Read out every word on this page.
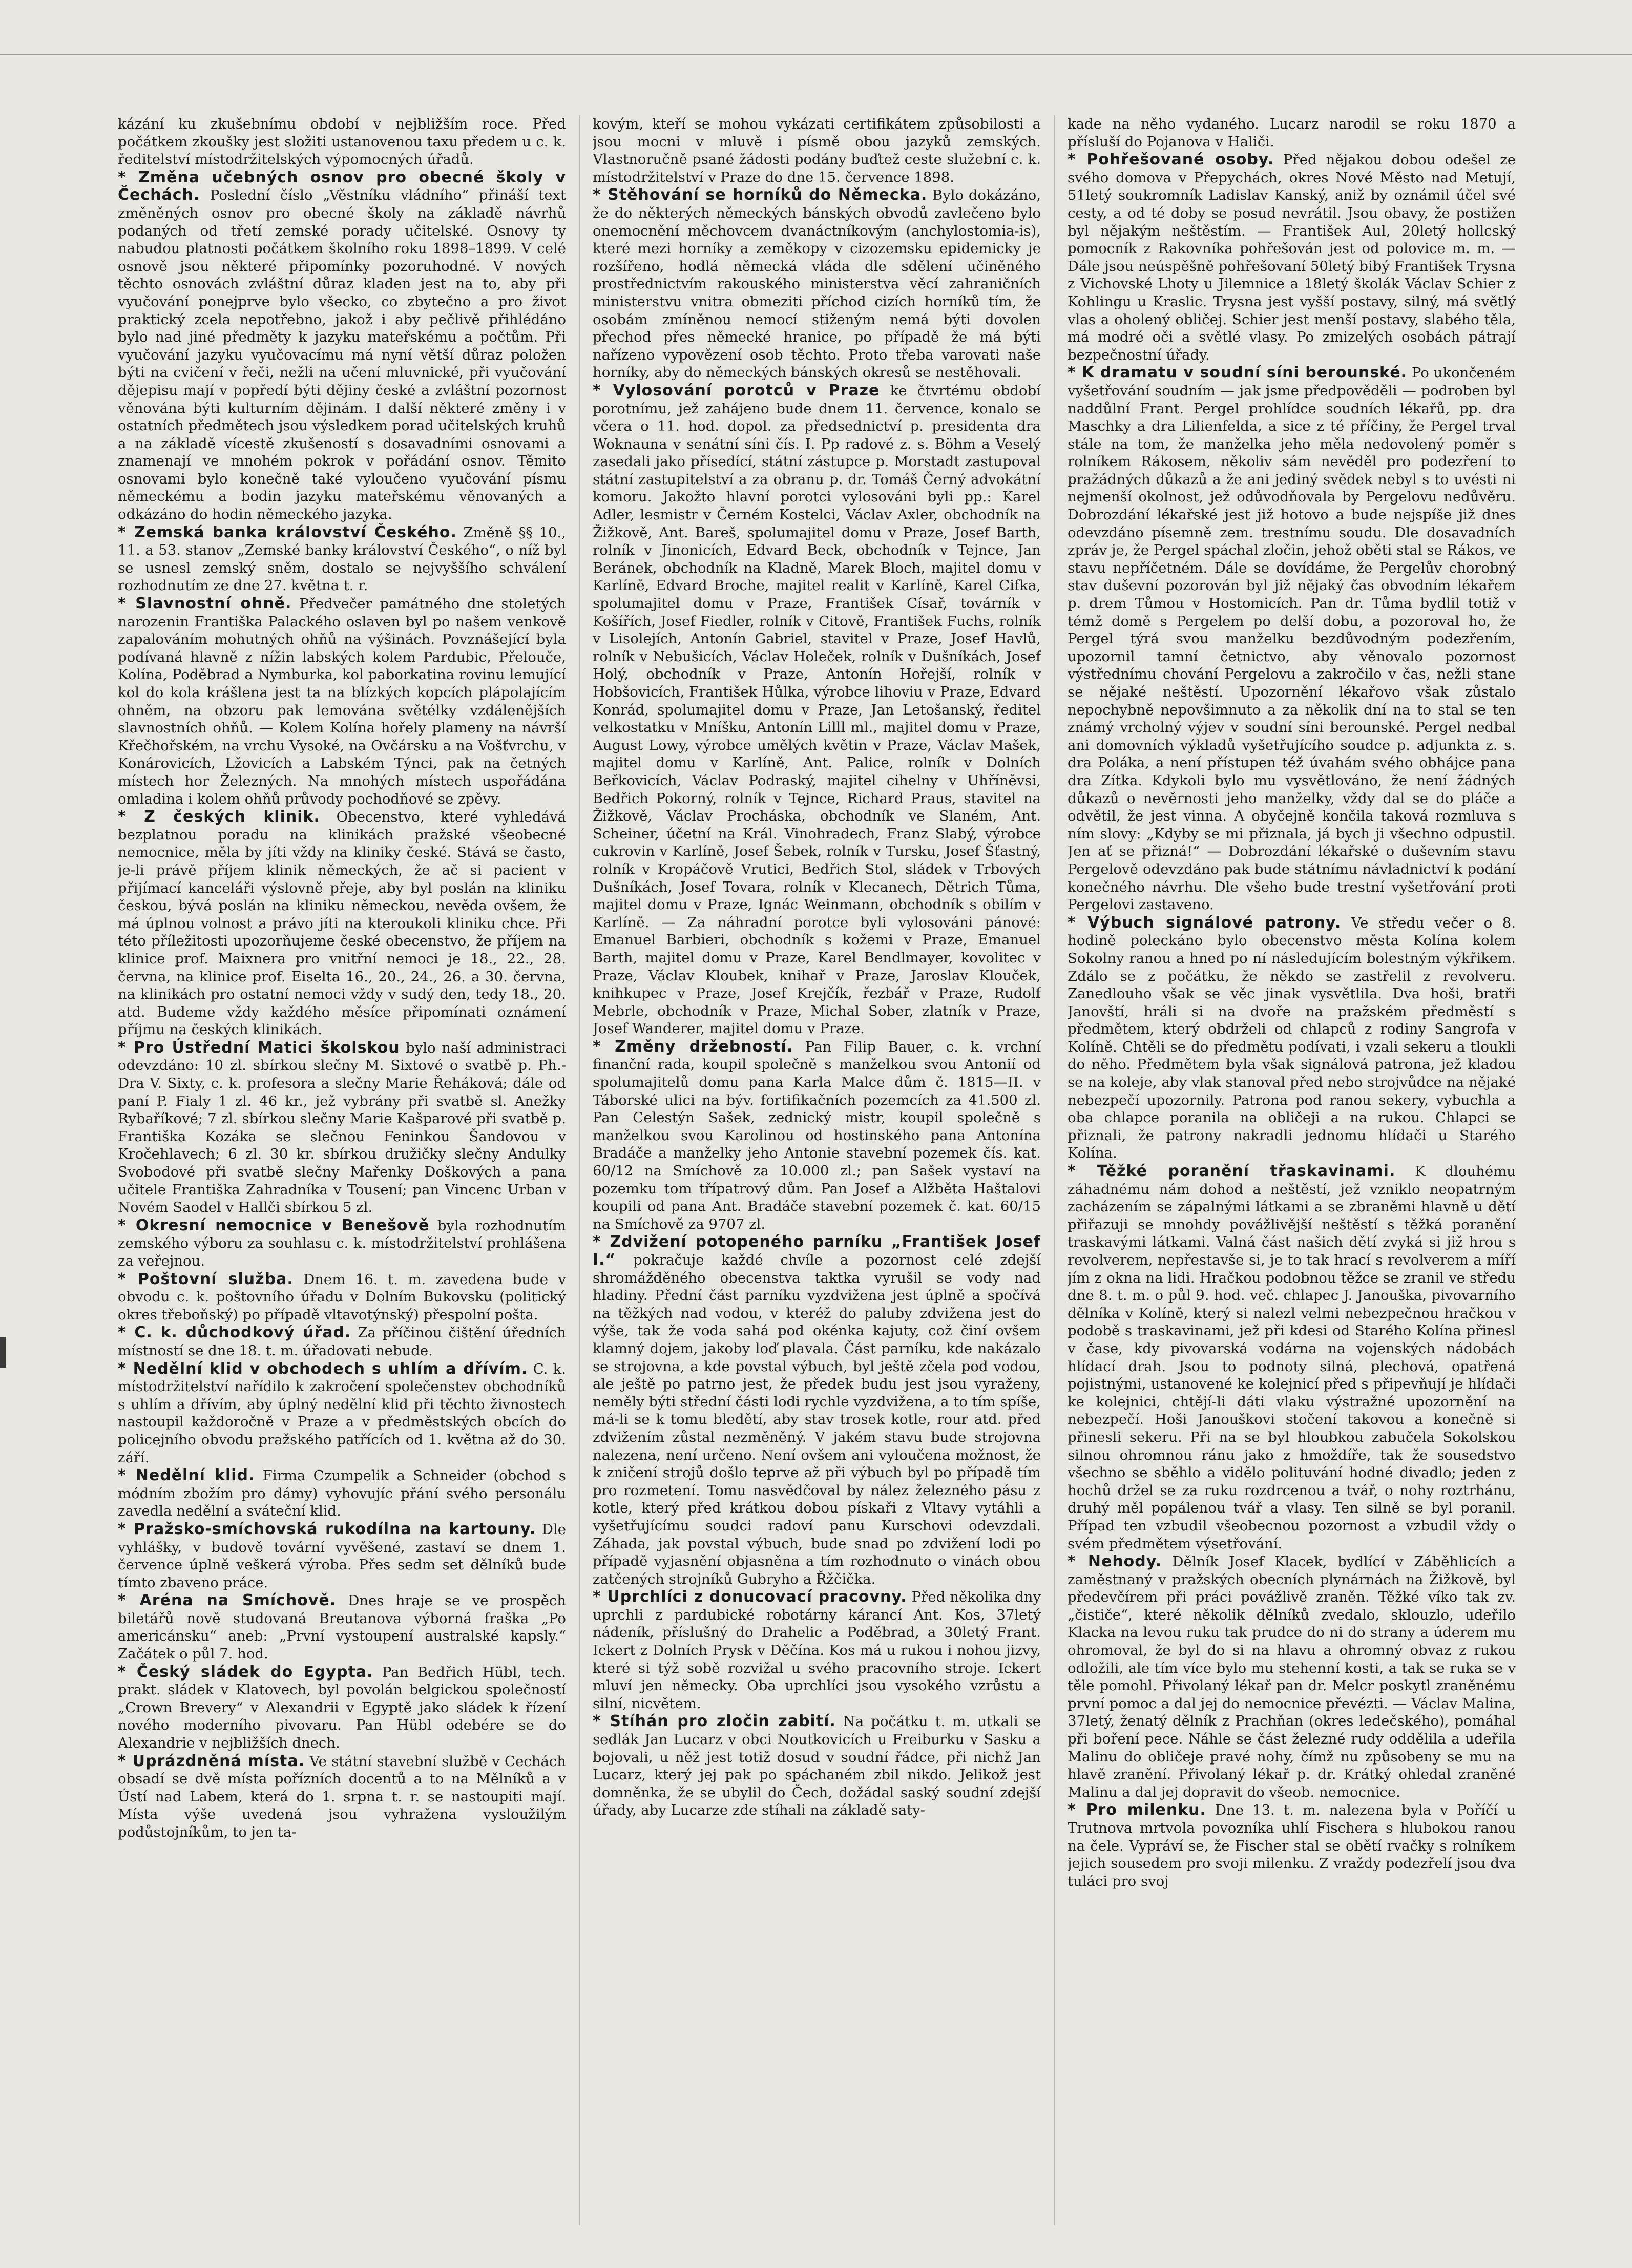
kázání ku zkušebnímu období v nejbližším roce. Před počátkem zkoušky jest složiti ustanovenou taxu předem u c. k. ředitelství místodržitelských výpomocných úřadů.

* Změna učebných osnov pro obecné školy v Čechách. Poslední číslo „Věstníku vládního“ přináší text změněných osnov pro obecné školy na základě návrhů podaných od třetí zemské porady učitelské. Osnovy ty nabudou platnosti počátkem školního roku 1898–1899. V celé osnově jsou některé připomínky pozoruhodné. V nových těchto osnovách zvláštní důraz kladen jest na to, aby při vyučování ponejprve bylo všecko, co zbytečno a pro život praktický zcela nepotřebno, jakož i aby pečlivě přihlédáno bylo nad jiné předměty k jazyku mateřskému a počtům. Při vyučování jazyku vyučovacímu má nyní větší důraz položen býti na cvičení v řeči, nežli na učení mluvnické, při vyučování dějepisu mají v popředí býti dějiny české a zvláštní pozornost věnována býti kulturním dějinám. I další některé změny i v ostatních předmětech jsou výsledkem porad učitelských kruhů a na základě vícestě zkušeností s dosavadními osnovami a znamenají ve mnohém pokrok v pořádání osnov. Těmito osnovami bylo konečně také vyloučeno vyučování písmu německému a bodin jazyku mateřskému věnovaných a odkázáno do hodin německého jazyka.

* Zemská banka království Českého. Změně §§ 10., 11. a 53. stanov „Zemské banky království Českého“, o níž byl se usnesl zemský sněm, dostalo se nejvyššího schválení rozhodnutím ze dne 27. května t. r.

* Slavnostní ohně. Předvečer památného dne stoletých narozenin Františka Palackého oslaven byl po našem venkově zapalováním mohutných ohňů na výšinách. Povznášející byla podívaná hlavně z nížin labských kolem Pardubic, Přelouče, Kolína, Poděbrad a Nymburka, kol paborkatina rovinu lemující kol do kola krášlena jest ta na blízkých kopcích plápolajícím ohněm, na obzoru pak lemována světélky vzdálenějších slavnostních ohňů. — Kolem Kolína hořely plameny na návrší Křečhořském, na vrchu Vysoké, na Ovčársku a na Vošťvrchu, v Konárovicích, Lžovicích a Labském Týnci, pak na četných místech hor Železných. Na mnohých místech uspořádána omladina i kolem ohňů průvody pochodňové se zpěvy.

* Z českých klinik. Obecenstvo, které vyhledává bezplatnou poradu na klinikách pražské všeobecné nemocnice, měla by jíti vždy na kliniky české. Stává se často, je-li právě příjem klinik německých, že ač si pacient v přijímací kanceláři výslovně přeje, aby byl poslán na kliniku českou, bývá poslán na kliniku německou, nevěda ovšem, že má úplnou volnost a právo jíti na kteroukoli kliniku chce. Při této příležitosti upozorňujeme české obecenstvo, že příjem na klinice prof. Maixnera pro vnitřní nemoci je 18., 22., 28. června, na klinice prof. Eiselta 16., 20., 24., 26. a 30. června, na klinikách pro ostatní nemoci vždy v sudý den, tedy 18., 20. atd. Budeme vždy každého měsíce připomínati oznámení příjmu na českých klinikách.

* Pro Ústřední Matici školskou bylo naší administraci odevzdáno: 10 zl. sbírkou slečny M. Sixtové o svatbě p. Ph.-Dra V. Sixty, c. k. profesora a slečny Marie Řeháková; dále od paní P. Fialy 1 zl. 46 kr., jež vybrány při svatbě sl. Anežky Rybaříkové; 7 zl. sbírkou slečny Marie Kašparové při svatbě p. Františka Kozáka se slečnou Feninkou Šandovou v Kročehlavech; 6 zl. 30 kr. sbírkou družičky slečny Andulky Svobodové při svatbě slečny Mařenky Doškových a pana učitele Františka Zahradníka v Tousení; pan Vincenc Urban v Novém Saodel v Hallči sbírkou 5 zl.

* Okresní nemocnice v Benešově byla rozhodnutím zemského výboru za souhlasu c. k. místodržitelství prohlášena za veřejnou.

* Poštovní služba. Dnem 16. t. m. zavedena bude v obvodu c. k. poštovního úřadu v Dolním Bukovsku (politický okres třeboňský) po případě vltavotýnský) přespolní pošta.

* C. k. důchodkový úřad. Za příčinou čištění úředních místností se dne 18. t. m. úřadovati nebude.

* Nedělní klid v obchodech s uhlím a dřívím. C. k. místodržitelství nařídilo k zakročení společenstev obchodníků s uhlím a dřívím, aby úplný nedělní klid při těchto živnostech nastoupil každoročně v Praze a v předměstských obcích do policejního obvodu pražského patřících od 1. května až do 30. září.

* Nedělní klid. Firma Czumpelik a Schneider (obchod s módním zbožím pro dámy) vyhovujíc přání svého personálu zavedla nedělní a sváteční klid.

* Pražsko-smíchovská rukodílna na kartouny. Dle vyhlášky, v budově tovární vyvěšené, zastaví se dnem 1. července úplně veškerá výroba. Přes sedm set dělníků bude tímto zbaveno práce.

* Aréna na Smíchově. Dnes hraje se ve prospěch biletářů nově studovaná Breutanova výborná fraška „Po americánsku“ aneb: „První vystoupení australské kapsly.“ Začátek o půl 7. hod.

* Český sládek do Egypta. Pan Bedřich Hübl, tech. prakt. sládek v Klatovech, byl povolán belgickou společností „Crown Brevery“ v Alexandrii v Egyptě jako sládek k řízení nového moderního pivovaru. Pan Hübl odebére se do Alexandrie v nejbližších dnech.

* Uprázdněná místa. Ve státní stavební službě v Cechách obsadí se dvě místa pořízních docentů a to na Mělníků a v Ústí nad Labem, která do 1. srpna t. r. se nastoupiti mají. Místa výše uvedená jsou vyhražena vysloužilým podůstojníkům, to jen ta-

kovým, kteří se mohou vykázati certifikátem způsobilosti a jsou mocni v mluvě i písmě obou jazyků zemských. Vlastnoručně psané žádosti podány buďtež ceste služební c. k. místodržitelství v Praze do dne 15. července 1898.

* Stěhování se horníků do Německa. Bylo dokázáno, že do některých německých bánských obvodů zavlečeno bylo onemocnění měchovcem dvanáctníkovým (anchylostomia-is), které mezi horníky a zeměkopy v cizozemsku epidemicky je rozšířeno, hodlá německá vláda dle sdělení učiněného prostřednictvím rakouského ministerstva věcí zahraničních ministerstvu vnitra obmeziti příchod cizích horníků tím, že osobám zmíněnou nemocí stiženým nemá býti dovolen přechod přes německé hranice, po případě že má býti nařízeno vypovězení osob těchto. Proto třeba varovati naše horníky, aby do německých bánských okresů se nestěhovali.

* Vylosování porotců v Praze ke čtvrtému období porotnímu, jež zahájeno bude dnem 11. července, konalo se včera o 11. hod. dopol. za předsednictví p. presidenta dra Woknauna v senátní síni čís. I. Pp radové z. s. Böhm a Veselý zasedali jako přísedící, státní zástupce p. Morstadt zastupoval státní zastupitelství a za obranu p. dr. Tomáš Černý advokátní komoru. Jakožto hlavní porotci vylosováni byli pp.: Karel Adler, lesmistr v Černém Kostelci, Václav Axler, obchodník na Žižkově, Ant. Bareš, spolumajitel domu v Praze, Josef Barth, rolník v Jinonicích, Edvard Beck, obchodník v Tejnce, Jan Beránek, obchodník na Kladně, Marek Bloch, majitel domu v Karlíně, Edvard Broche, majitel realit v Karlíně, Karel Cifka, spolumajitel domu v Praze, František Císař, továrník v Košířích, Josef Fiedler, rolník v Citově, František Fuchs, rolník v Lisolejích, Antonín Gabriel, stavitel v Praze, Josef Havlů, rolník v Nebušicích, Václav Holeček, rolník v Dušníkách, Josef Holý, obchodník v Praze, Antonín Hořejší, rolník v Hobšovicích, František Hůlka, výrobce lihoviu v Praze, Edvard Konrád, spolumajitel domu v Praze, Jan Letošanský, ředitel velkostatku v Mníšku, Antonín Lilll ml., majitel domu v Praze, August Lowy, výrobce umělých květin v Praze, Václav Mašek, majitel domu v Karlíně, Ant. Palice, rolník v Dolních Beřkovicích, Václav Podraský, majitel cihelny v Uhříněvsi, Bedřich Pokorný, rolník v Tejnce, Richard Praus, stavitel na Žižkově, Václav Procháska, obchodník ve Slaném, Ant. Scheiner, účetní na Král. Vinohradech, Franz Slabý, výrobce cukrovin v Karlíně, Josef Šebek, rolník v Tursku, Josef Šťastný, rolník v Kropáčově Vrutici, Bedřich Stol, sládek v Trbových Dušníkách, Josef Tovara, rolník v Klecanech, Dětrich Tůma, majitel domu v Praze, Ignác Weinmann, obchodník s obilím v Karlíně. — Za náhradní porotce byli vylosováni pánové: Emanuel Barbieri, obchodník s kožemi v Praze, Emanuel Barth, majitel domu v Praze, Karel Bendlmayer, kovolitec v Praze, Václav Kloubek, knihař v Praze, Jaroslav Klouček, knihkupec v Praze, Josef Krejčík, řezbář v Praze, Rudolf Mebrle, obchodník v Praze, Michal Sober, zlatník v Praze, Josef Wanderer, majitel domu v Praze.

* Změny držebností. Pan Filip Bauer, c. k. vrchní finanční rada, koupil společně s manželkou svou Antonií od spolumajitelů domu pana Karla Malce dům č. 1815—II. v Táborské ulici na býv. fortifikačních pozemcích za 41.500 zl. Pan Celestýn Sašek, zednický mistr, koupil společně s manželkou svou Karolinou od hostinského pana Antonína Bradáče a manželky jeho Antonie stavební pozemek čís. kat. 60/12 na Smíchově za 10.000 zl.; pan Sašek vystaví na pozemku tom třípatrový dům. Pan Josef a Alžběta Haštalovi koupili od pana Ant. Bradáče stavební pozemek č. kat. 60/15 na Smíchově za 9707 zl.

* Zdvižení potopeného parníku „František Josef I.“ pokračuje každé chvíle a pozornost celé zdejší shromážděného obecenstva taktka vyrušil se vody nad hladiny. Přední část parníku vyzdvižena jest úplně a spočívá na těžkých nad vodou, v kteréž do paluby zdvižena jest do výše, tak že voda sahá pod okénka kajuty, což činí ovšem klamný dojem, jakoby loď plavala. Část parníku, kde nakázalo se strojovna, a kde povstal výbuch, byl ještě zčela pod vodou, ale ještě po patrno jest, že předek budu jest jsou vyraženy, neměly býti střední části lodi rychle vyzdvižena, a to tím spíše, má-li se k tomu bledětí, aby stav trosek kotle, rour atd. před zdvižením zůstal nezměněný. V jakém stavu bude strojovna nalezena, není určeno. Není ovšem ani vyloučena možnost, že k zničení strojů došlo teprve až při výbuch byl po případě tím pro rozmetení. Tomu nasvědčoval by nález železného pásu z kotle, který před krátkou dobou pískaři z Vltavy vytáhli a vyšetřujícímu soudci radoví panu Kurschovi odevzdali. Záhada, jak povstal výbuch, bude snad po zdvižení lodi po případě vyjasnění objasněna a tím rozhodnuto o vinách obou zatčených strojníků Gubryho a Řžčička.

* Uprchlíci z donucovací pracovny. Před několika dny uprchli z pardubické robotárny kárancí Ant. Kos, 37letý nádeník, příslušný do Drahelic a Poděbrad, a 30letý Frant. Ickert z Dolních Prysk v Děčína. Kos má u rukou i nohou jizvy, které si týž sobě rozvižal u svého pracovního stroje. Ickert mluví jen německy. Oba uprchlíci jsou vysokého vzrůstu a silní, nicvětem.

* Stíhán pro zločin zabití. Na počátku t. m. utkali se sedlák Jan Lucarz v obci Noutkovicích u Freiburku v Sasku a bojovali, u něž jest totiž dosud v soudní řádce, při nichž Jan Lucarz, který jej pak po spáchaném zbil nikdo. Jelikož jest domněnka, že se ubylil do Čech, dožádal saský soudní zdejší úřady, aby Lucarze zde stíhali na základě saty-

kade na něho vydaného. Lucarz narodil se roku 1870 a přísluší do Pojanova v Haliči.

* Pohřešované osoby. Před nějakou dobou odešel ze svého domova v Přepychách, okres Nové Město nad Metují, 51letý soukromník Ladislav Kanský, aniž by oznámil účel své cesty, a od té doby se posud nevrátil. Jsou obavy, že postižen byl nějakým neštěstím. — František Aul, 20letý hollcský pomocník z Rakovníka pohřešován jest od polovice m. m. — Dále jsou neúspěšně pohřešovaní 50letý bibý František Trysna z Vichovské Lhoty u Jilemnice a 18letý školák Václav Schier z Kohlingu u Kraslic. Trysna jest vyšší postavy, silný, má světlý vlas a oholený obličej. Schier jest menší postavy, slabého těla, má modré oči a světlé vlasy. Po zmizelých osobách pátrají bezpečnostní úřady.

* K dramatu v soudní síni berounské. Po ukončeném vyšetřování soudním — jak jsme předpověděli — podroben byl naddůlní Frant. Pergel prohlídce soudních lékařů, pp. dra Maschky a dra Lilienfelda, a sice z té příčiny, že Pergel trval stále na tom, že manželka jeho měla nedovolený poměr s rolníkem Rákosem, několiv sám nevěděl pro podezření to pražádných důkazů a že ani jediný svědek nebyl s to uvésti ni nejmenší okolnost, jež odůvodňovala by Pergelovu nedůvěru. Dobrozdání lékařské jest již hotovo a bude nejspíše již dnes odevzdáno písemně zem. trestnímu soudu. Dle dosavadních zpráv je, že Pergel spáchal zločin, jehož oběti stal se Rákos, ve stavu nepříčetném. Dále se dovídáme, že Pergelův chorobný stav duševní pozorován byl již nějaký čas obvodním lékařem p. drem Tůmou v Hostomicích. Pan dr. Tůma bydlil totiž v témž domě s Pergelem po delší dobu, a pozoroval ho, že Pergel týrá svou manželku bezdůvodným podezřením, upozornil tamní četnictvo, aby věnovalo pozornost výstřednímu chování Pergelovu a zakročilo v čas, nežli stane se nějaké neštěstí. Upozornění lékařovo však zůstalo nepochybně nepovšimnuto a za několik dní na to stal se ten známý vrcholný výjev v soudní síni berounské. Pergel nedbal ani domovních výkladů vyšetřujícího soudce p. adjunkta z. s. dra Poláka, a není přístupen též úvahám svého obhájce pana dra Zítka. Kdykoli bylo mu vysvětlováno, že není žádných důkazů o nevěrnosti jeho manželky, vždy dal se do pláče a odvětil, že jest vinna. A obyčejně končila taková rozmluva s ním slovy: „Kdyby se mi přiznala, já bych ji všechno odpustil. Jen ať se přizná!“ — Dobrozdání lékařské o duševním stavu Pergelově odevzdáno pak bude státnímu návladnictví k podání konečného návrhu. Dle všeho bude trestní vyšetřování proti Pergelovi zastaveno.

* Výbuch signálové patrony. Ve středu večer o 8. hodině poleckáno bylo obecenstvo města Kolína kolem Sokolny ranou a hned po ní následujícím bolestným výkřikem. Zdálo se z počátku, že někdo se zastřelil z revolveru. Zanedlouho však se věc jinak vysvětlila. Dva hoši, bratři Janovští, hráli si na dvoře na pražském předměstí s předmětem, který obdrželi od chlapců z rodiny Sangrofa v Kolíně. Chtěli se do předmětu podívati, i vzali sekeru a tloukli do něho. Předmětem byla však signálová patrona, jež kladou se na koleje, aby vlak stanoval před nebo strojvůdce na nějaké nebezpečí upozornily. Patrona pod ranou sekery, vybuchla a oba chlapce poranila na obličeji a na rukou. Chlapci se přiznali, že patrony nakradli jednomu hlídači u Starého Kolína.

* Těžké poranění třaskavinami. K dlouhému záhadnému nám dohod a neštěstí, jež vzniklo neopatrným zacházením se zápalnými látkami a se zbraněmi hlavně u dětí přiřazuji se mnohdy povážlivější neštěstí s těžká poranění traskavými látkami. Valná část našich dětí zvyká si již hrou s revolverem, nepřestavše si, je to tak hrací s revolverem a míří jím z okna na lidi. Hračkou podobnou těžce se zranil ve středu dne 8. t. m. o půl 9. hod. več. chlapec J. Janouška, pivovarního dělníka v Kolíně, který si nalezl velmi nebezpečnou hračkou v podobě s traskavinami, jež při kdesi od Starého Kolína přinesl v čase, kdy pivovarská vodárna na vojenských nádobách hlídací drah. Jsou to podnoty silná, plechová, opatřená pojistnými, ustanovené ke kolejnicí před s připevňují je hlídači ke kolejnici, chtějí-li dáti vlaku výstražné upozornění na nebezpečí. Hoši Janouškovi stočení takovou a konečně si přinesli sekeru. Při na se byl hloubkou zabučela Sokolskou silnou ohromnou ránu jako z hmoždíře, tak že sousedstvo všechno se sběhlo a vidělo polituvání hodné divadlo; jeden z hochů držel se za ruku rozdrcenou a tvář, o nohy roztrhánu, druhý měl popálenou tvář a vlasy. Ten silně se byl poranil. Případ ten vzbudil všeobecnou pozornost a vzbudil vždy o svém předmětem výsetřování.

* Nehody. Dělník Josef Klacek, bydlící v Záběhlicích a zaměstnaný v pražských obecních plynárnách na Žižkově, byl předevčírem při práci povážlivě zraněn. Těžké víko tak zv. „čističe“, které několik dělníků zvedalo, sklouzlo, udeřilo Klacka na levou ruku tak prudce do ni do strany a úderem mu ohromoval, že byl do si na hlavu a ohromný obvaz z rukou odložili, ale tím více bylo mu stehenní kosti, a tak se ruka se v těle pomohl. Přivolaný lékař pan dr. Melcr poskytl zraněnému první pomoc a dal jej do nemocnice převézti. — Václav Malina, 37letý, ženatý dělník z Prachňan (okres ledečského), pomáhal při boření pece. Náhle se část železné rudy oddělila a udeřila Malinu do obličeje pravé nohy, čímž nu způsobeny se mu na hlavě zranění. Přivolaný lékař p. dr. Krátký ohledal zraněné Malinu a dal jej dopravit do všeob. nemocnice.

* Pro milenku. Dne 13. t. m. nalezena byla v Poříčí u Trutnova mrtvola povozníka uhlí Fischera s hlubokou ranou na čele. Vypráví se, že Fischer stal se obětí rvačky s rolníkem jejich sousedem pro svoji milenku. Z vraždy podezřelí jsou dva tuláci pro svoj
